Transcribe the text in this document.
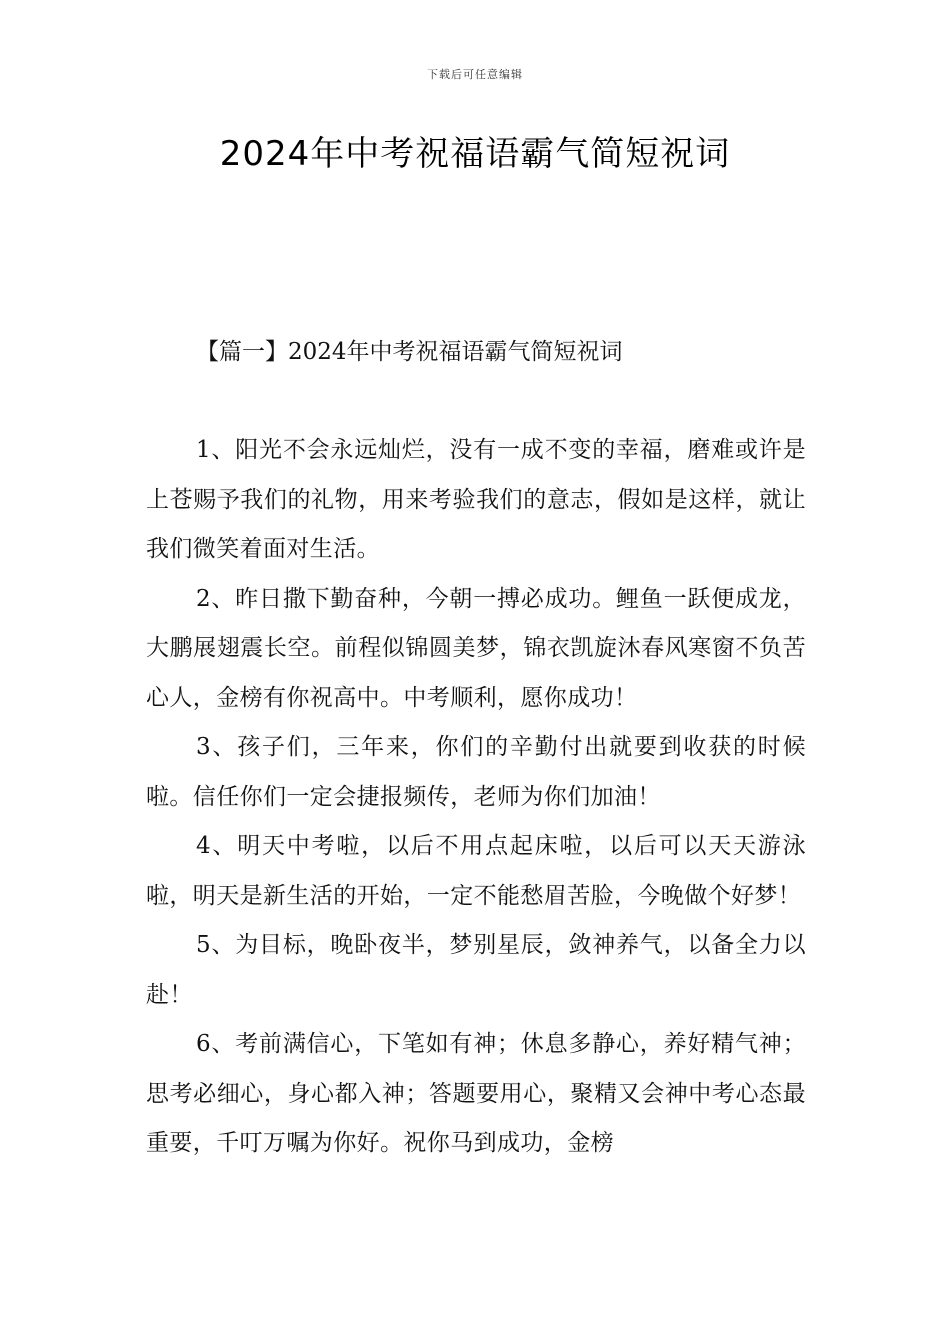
下载后可任意编辑
2024年中考祝福语霸气简短祝词
【篇一】2024年中考祝福语霸气简短祝词

1、阳光不会永远灿烂，没有一成不变的幸福，磨难或许是上苍赐予我们的礼物，用来考验我们的意志，假如是这样，就让我们微笑着面对生活。

2、昨日撒下勤奋种，今朝一搏必成功。鲤鱼一跃便成龙，大鹏展翅震长空。前程似锦圆美梦，锦衣凯旋沐春风寒窗不负苦心人，金榜有你祝高中。中考顺利，愿你成功！

3、孩子们，三年来，你们的辛勤付出就要到收获的时候啦。信任你们一定会捷报频传，老师为你们加油！

4、明天中考啦，以后不用点起床啦，以后可以天天游泳啦，明天是新生活的开始，一定不能愁眉苦脸，今晚做个好梦！

5、为目标，晚卧夜半，梦别星辰，敛神养气，以备全力以赴！

6、考前满信心，下笔如有神；休息多静心，养好精气神；思考必细心，身心都入神；答题要用心，聚精又会神中考心态最重要，千叮万嘱为你好。祝你马到成功，金榜
